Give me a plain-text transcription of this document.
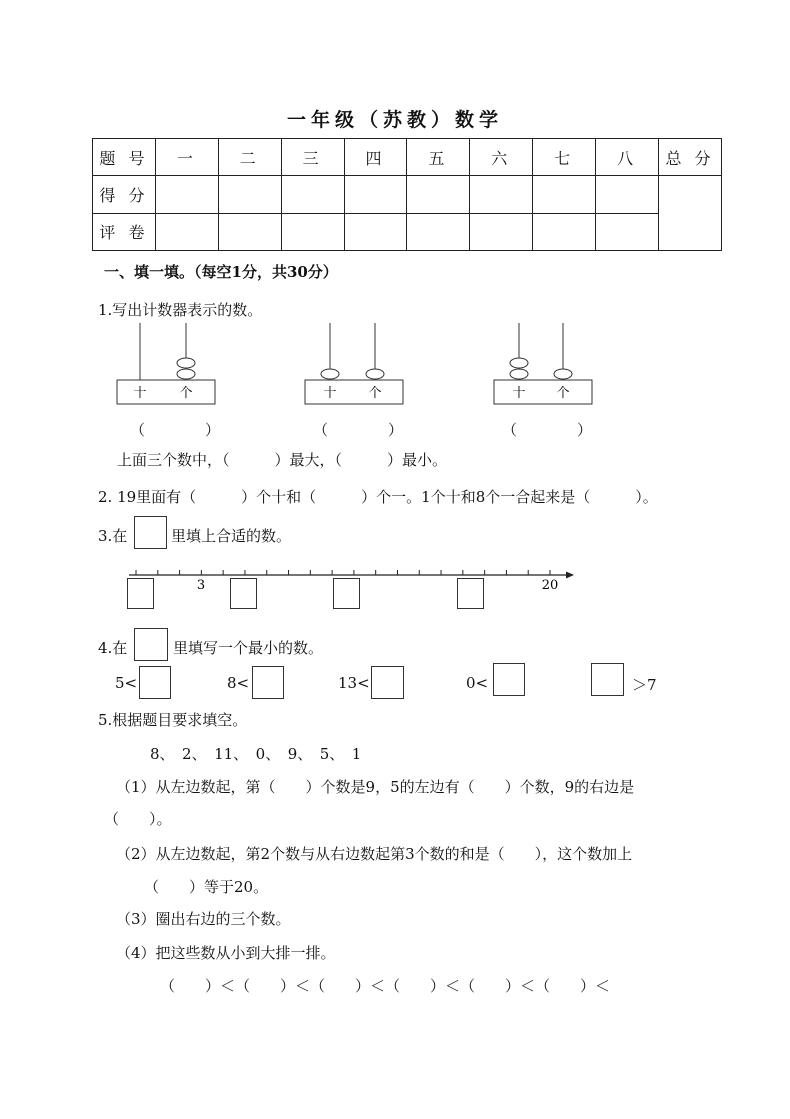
一年级（苏教）数学
题 号	一	二	三	四	五	六	七	八	总 分
得 分									
评 卷									
一、填一填。（每空1分，共30分）
1.写出计数器表示的数。
十	个	十 个	十 个
（　　　　）	（　　　　）	（　　　　）
上面三个数中，（　　　）最大，（　　　）最小。
2. 19里面有（　　　）个十和（　　　）个一。1个十和8个一合起来是（　　　）。
3.在	里填上合适的数。
3	20
4.在	里填写一个最小的数。
5<	8<	13<	0<	＞7
5.根据题目要求填空。
8、　2、　11、　0、　9、　5、　1
（1）从左边数起，第（　　）个数是9，5的左边有（　　）个数，9的右边是
（　　）。
（2）从左边数起，第2个数与从右边数起第3个数的和是（　　），这个数加上
（　　）等于20。
（3）圈出右边的三个数。
（4）把这些数从小到大排一排。
（　　）＜（　　）＜（　　）＜（　　）＜（　　）＜（　　）＜
